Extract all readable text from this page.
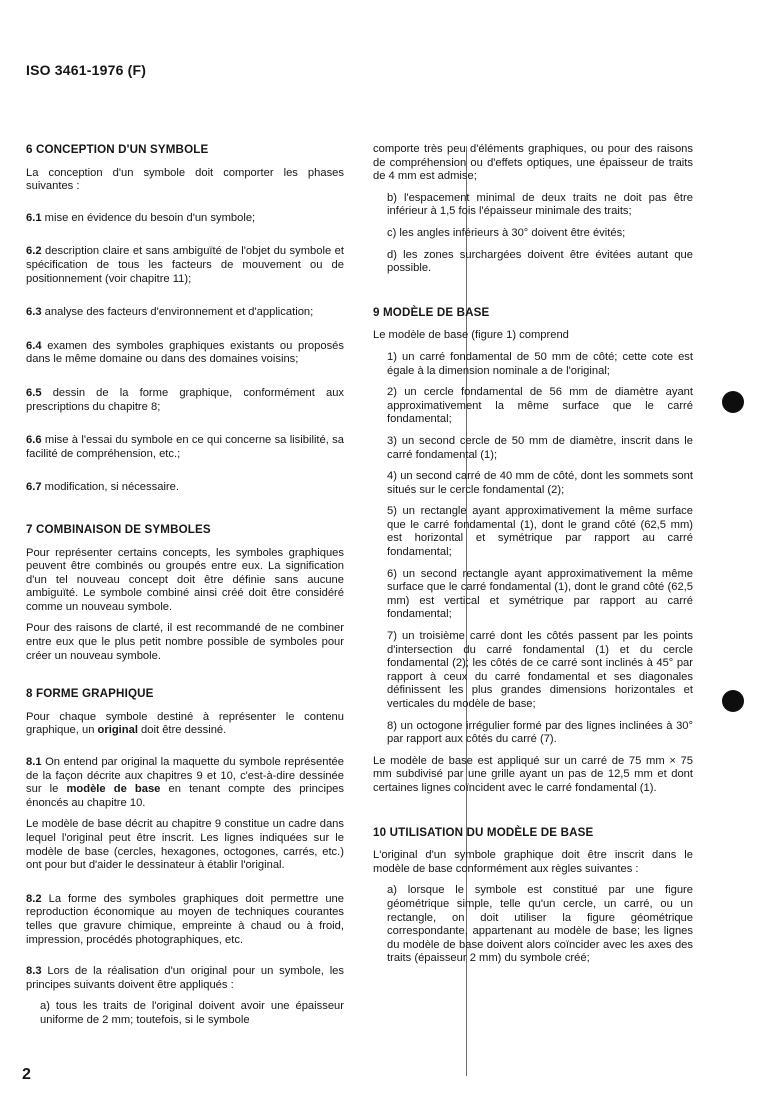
ISO 3461-1976 (F)
6 CONCEPTION D'UN SYMBOLE

La conception d'un symbole doit comporter les phases suivantes :

6.1 mise en évidence du besoin d'un symbole;

6.2 description claire et sans ambiguïté de l'objet du symbole et spécification de tous les facteurs de mouvement ou de positionnement (voir chapitre 11);

6.3 analyse des facteurs d'environnement et d'application;

6.4 examen des symboles graphiques existants ou proposés dans le même domaine ou dans des domaines voisins;

6.5 dessin de la forme graphique, conformément aux prescriptions du chapitre 8;

6.6 mise à l'essai du symbole en ce qui concerne sa lisibilité, sa facilité de compréhension, etc.;

6.7 modification, si nécessaire.

7 COMBINAISON DE SYMBOLES

Pour représenter certains concepts, les symboles graphiques peuvent être combinés ou groupés entre eux. La signification d'un tel nouveau concept doit être définie sans aucune ambiguïté. Le symbole combiné ainsi créé doit être considéré comme un nouveau symbole.

Pour des raisons de clarté, il est recommandé de ne combiner entre eux que le plus petit nombre possible de symboles pour créer un nouveau symbole.

8 FORME GRAPHIQUE

Pour chaque symbole destiné à représenter le contenu graphique, un original doit être dessiné.

8.1 On entend par original la maquette du symbole représentée de la façon décrite aux chapitres 9 et 10, c'est-à-dire dessinée sur le modèle de base en tenant compte des principes énoncés au chapitre 10.

Le modèle de base décrit au chapitre 9 constitue un cadre dans lequel l'original peut être inscrit. Les lignes indiquées sur le modèle de base (cercles, hexagones, octogones, carrés, etc.) ont pour but d'aider le dessinateur à établir l'original.

8.2 La forme des symboles graphiques doit permettre une reproduction économique au moyen de techniques courantes telles que gravure chimique, empreinte à chaud ou à froid, impression, procédés photographiques, etc.

8.3 Lors de la réalisation d'un original pour un symbole, les principes suivants doivent être appliqués :

a) tous les traits de l'original doivent avoir une épaisseur uniforme de 2 mm; toutefois, si le symbole

comporte très peu d'éléments graphiques, ou pour des raisons de compréhension ou d'effets optiques, une épaisseur de traits de 4 mm est admise;

b) l'espacement minimal de deux traits ne doit pas être inférieur à 1,5 fois l'épaisseur minimale des traits;

c) les angles inférieurs à 30° doivent être évités;

d) les zones surchargées doivent être évitées autant que possible.

9 MODÈLE DE BASE

Le modèle de base (figure 1) comprend

1) un carré fondamental de 50 mm de côté; cette cote est égale à la dimension nominale a de l'original;

2) un cercle fondamental de 56 mm de diamètre ayant approximativement la même surface que le carré fondamental;

3) un second cercle de 50 mm de diamètre, inscrit dans le carré fondamental (1);

4) un second carré de 40 mm de côté, dont les sommets sont situés sur le cercle fondamental (2);

5) un rectangle ayant approximativement la même surface que le carré fondamental (1), dont le grand côté (62,5 mm) est horizontal et symétrique par rapport au carré fondamental;

6) un second rectangle ayant approximativement la même surface que le carré fondamental (1), dont le grand côté (62,5 mm) est vertical et symétrique par rapport au carré fondamental;

7) un troisième carré dont les côtés passent par les points d'intersection du carré fondamental (1) et du cercle fondamental (2); les côtés de ce carré sont inclinés à 45° par rapport à ceux du carré fondamental et ses diagonales définissent les plus grandes dimensions horizontales et verticales du modèle de base;

8) un octogone irrégulier formé par des lignes inclinées à 30° par rapport aux côtés du carré (7).

Le modèle de base est appliqué sur un carré de 75 mm × 75 mm subdivisé par une grille ayant un pas de 12,5 mm et dont certaines lignes coïncident avec le carré fondamental (1).

10 UTILISATION DU MODÈLE DE BASE

L'original d'un symbole graphique doit être inscrit dans le modèle de base conformément aux règles suivantes :

a) lorsque le symbole est constitué par une figure géométrique simple, telle qu'un cercle, un carré, ou un rectangle, on doit utiliser la figure géométrique correspondante, appartenant au modèle de base; les lignes du modèle de base doivent alors coïncider avec les axes des traits (épaisseur 2 mm) du symbole créé;

2
